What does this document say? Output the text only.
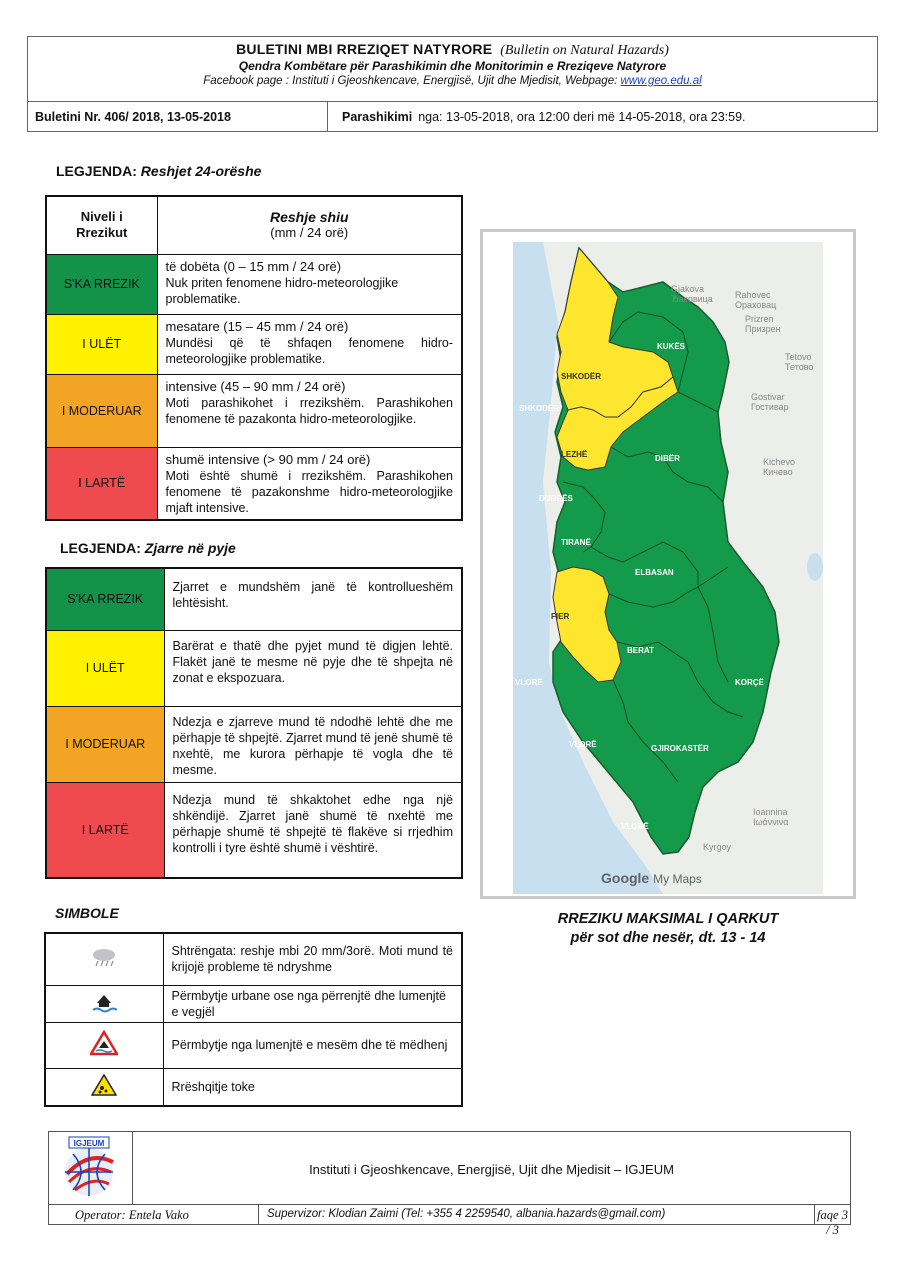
BULETINI MBI RREZIQET NATYRORE (Bulletin on Natural Hazards)
Qendra Kombëtare për Parashikimin dhe Monitorimin e Rreziqeve Natyrore
Facebook page : Instituti i Gjeoshkencave, Energjisë, Ujit dhe Mjedisit, Webpage: www.geo.edu.al
Buletini Nr. 406/ 2018, 13-05-2018	Parashikimi nga: 13-05-2018, ora 12:00 deri më 14-05-2018, ora 23:59.
LEGJENDA: Reshjet 24-orëshe
Niveli i Rrezikut	Reshje shiu
(mm / 24 orë)

S'KA RREZIK	të dobëta (0 – 15 mm / 24 orë)
Nuk priten fenomene hidro-meteorologjike problematike.

I ULËT	mesatare (15 – 45 mm / 24 orë)
Mundësi që të shfaqen fenomene hidro-meteorologjike problematike.

I MODERUAR	intensive (45 – 90 mm / 24 orë)
Moti parashikohet i rrezikshëm. Parashikohen fenomene të pazakonta hidro-meteorologjike.

I LARTË	shumë intensive (> 90 mm / 24 orë)
Moti është shumë i rrezikshëm. Parashikohen fenomene të pazakonshme hidro-meteorologjike mjaft intensive.
LEGJENDA: Zjarre në pyje
S'KA RREZIK	Zjarret e mundshëm janë të kontrollueshëm lehtësisht.
I ULËT	Barërat e thatë dhe pyjet mund të digjen lehtë. Flakët janë te mesme në pyje dhe të shpejta në zonat e ekspozuara.
I MODERUAR	Ndezja e zjarreve mund të ndodhë lehtë dhe me përhapje të shpejtë. Zjarret mund të jenë shumë të nxehtë, me kurora përhapje të vogla dhe të mesme.
I LARTË	Ndezja mund të shkaktohet edhe nga një shkëndijë. Zjarret janë shumë të nxehtë me përhapje shumë të shpejtë të flakëve si rrjedhim kontrolli i tyre është shumë i vështirë.
Gjakova
Ђаковица Rahovec
Ораховац
Prizren
Призрен
Tetovo
Тетово
Gostivar
Гостивар
Kichevo
Кичево
Ioannina
Ιωάννινα
Kyrgoy
KUKËS
SHKODËR
SHKODËR
LEZHË	DIBËR
DURRËS
TIRANË
ELBASAN
FIER
BERAT
KORÇË
VLORË
VLORË	GJIROKASTËR
VLORË
Google My Maps
RREZIKU MAKSIMAL I QARKUT
për sot dhe nesër, dt. 13 - 14
SIMBOLE
	Shtrëngata: reshje mbi 20 mm/3orë. Moti mund të krijojë probleme të ndryshme
	Përmbytje urbane ose nga përrenjtë dhe lumenjtë e vegjël
	Përmbytje nga lumenjtë e mesëm dhe të mëdhenj
	Rrëshqitje toke
IGJEUM
Instituti i Gjeoshkencave, Energjisë, Ujit dhe Mjedisit – IGJEUM
Operator: Entela Vako	Supervizor: Klodian Zaimi (Tel: +355 4 2259540, albania.hazards@gmail.com)	faqe 3 / 3
